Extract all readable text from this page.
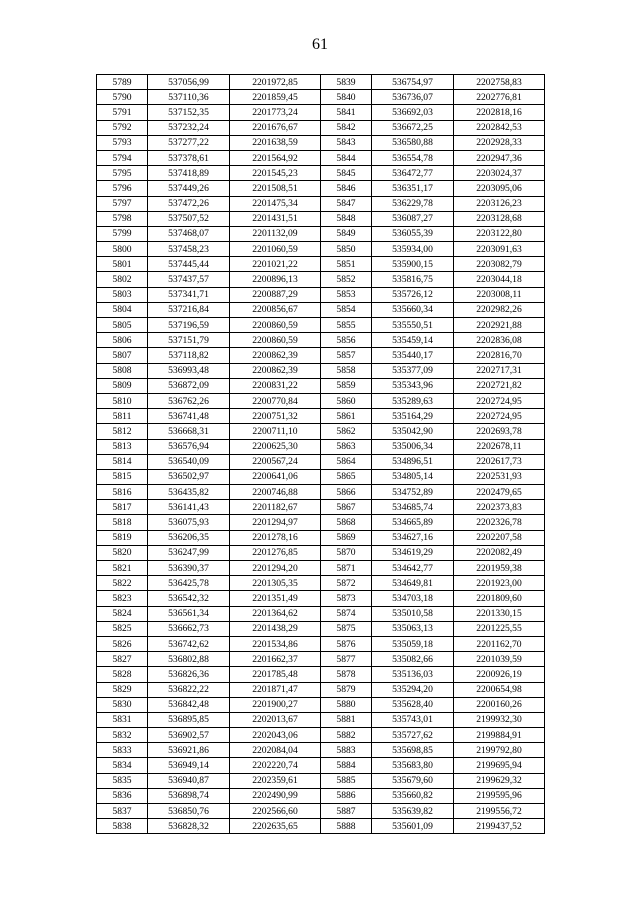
61
5789	537056,99	2201972,85	5839	536754,97	2202758,83
5790	537110,36	2201859,45	5840	536736,07	2202776,81
5791	537152,35	2201773,24	5841	536692,03	2202818,16
5792	537232,24	2201676,67	5842	536672,25	2202842,53
5793	537277,22	2201638,59	5843	536580,88	2202928,33
5794	537378,61	2201564,92	5844	536554,78	2202947,36
5795	537418,89	2201545,23	5845	536472,77	2203024,37
5796	537449,26	2201508,51	5846	536351,17	2203095,06
5797	537472,26	2201475,34	5847	536229,78	2203126,23
5798	537507,52	2201431,51	5848	536087,27	2203128,68
5799	537468,07	2201132,09	5849	536055,39	2203122,80
5800	537458,23	2201060,59	5850	535934,00	2203091,63
5801	537445,44	2201021,22	5851	535900,15	2203082,79
5802	537437,57	2200896,13	5852	535816,75	2203044,18
5803	537341,71	2200887,29	5853	535726,12	2203008,11
5804	537216,84	2200856,67	5854	535660,34	2202982,26
5805	537196,59	2200860,59	5855	535550,51	2202921,88
5806	537151,79	2200860,59	5856	535459,14	2202836,08
5807	537118,82	2200862,39	5857	535440,17	2202816,70
5808	536993,48	2200862,39	5858	535377,09	2202717,31
5809	536872,09	2200831,22	5859	535343,96	2202721,82
5810	536762,26	2200770,84	5860	535289,63	2202724,95
5811	536741,48	2200751,32	5861	535164,29	2202724,95
5812	536668,31	2200711,10	5862	535042,90	2202693,78
5813	536576,94	2200625,30	5863	535006,34	2202678,11
5814	536540,09	2200567,24	5864	534896,51	2202617,73
5815	536502,97	2200641,06	5865	534805,14	2202531,93
5816	536435,82	2200746,88	5866	534752,89	2202479,65
5817	536141,43	2201182,67	5867	534685,74	2202373,83
5818	536075,93	2201294,97	5868	534665,89	2202326,78
5819	536206,35	2201278,16	5869	534627,16	2202207,58
5820	536247,99	2201276,85	5870	534619,29	2202082,49
5821	536390,37	2201294,20	5871	534642,77	2201959,38
5822	536425,78	2201305,35	5872	534649,81	2201923,00
5823	536542,32	2201351,49	5873	534703,18	2201809,60
5824	536561,34	2201364,62	5874	535010,58	2201330,15
5825	536662,73	2201438,29	5875	535063,13	2201225,55
5826	536742,62	2201534,86	5876	535059,18	2201162,70
5827	536802,88	2201662,37	5877	535082,66	2201039,59
5828	536826,36	2201785,48	5878	535136,03	2200926,19
5829	536822,22	2201871,47	5879	535294,20	2200654,98
5830	536842,48	2201900,27	5880	535628,40	2200160,26
5831	536895,85	2202013,67	5881	535743,01	2199932,30
5832	536902,57	2202043,06	5882	535727,62	2199884,91
5833	536921,86	2202084,04	5883	535698,85	2199792,80
5834	536949,14	2202220,74	5884	535683,80	2199695,94
5835	536940,87	2202359,61	5885	535679,60	2199629,32
5836	536898,74	2202490,99	5886	535660,82	2199595,96
5837	536850,76	2202566,60	5887	535639,82	2199556,72
5838	536828,32	2202635,65	5888	535601,09	2199437,52
